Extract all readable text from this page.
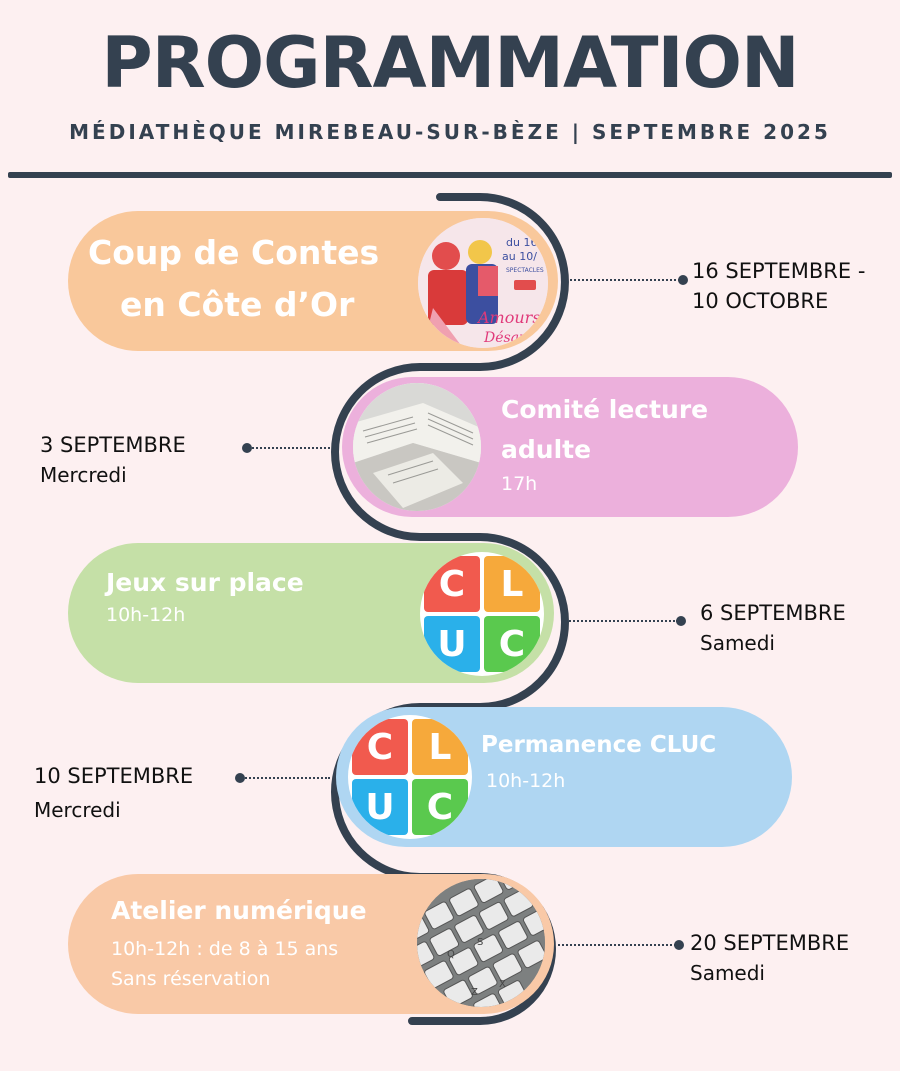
PROGRAMMATION
MÉDIATHÈQUE MIREBEAU-SUR-BÈZE | SEPTEMBRE 2025
Coup de Contes
en Côte d’Or
du 16/
au 10/
SPECTACLES
Amours
Désam
16 SEPTEMBRE -
10 OCTOBRE
Comité lecture
adulte
17h
3 SEPTEMBRE
Mercredi
Jeux sur place
10h-12h
C L
U C
6 SEPTEMBRE
Samedi
C L
U C
Permanence CLUC
10h-12h
10 SEPTEMBRE
Mercredi
Atelier numérique
10h-12h : de 8 à 15 ans
Sans réservation
Q
S
X
Z
20 SEPTEMBRE
Samedi
